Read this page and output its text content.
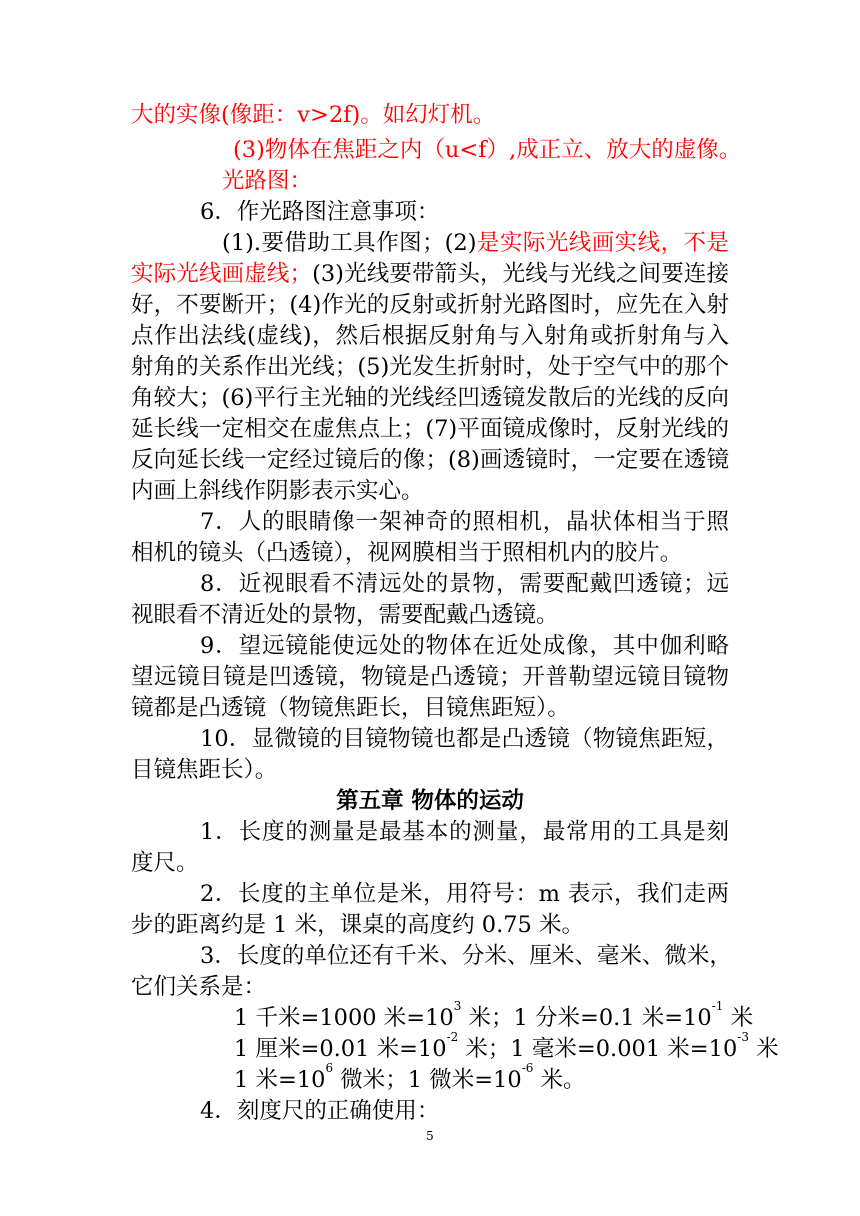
大的实像(像距：v>2f)。如幻灯机。
(3)物体在焦距之内（u<f）,成正立、放大的虚像。
光路图：
6．作光路图注意事项：
(1).要借助工具作图；(2)是实际光线画实线，不是
实际光线画虚线；(3)光线要带箭头，光线与光线之间要连接
好，不要断开；(4)作光的反射或折射光路图时，应先在入射
点作出法线(虚线)，然后根据反射角与入射角或折射角与入
射角的关系作出光线；(5)光发生折射时，处于空气中的那个
角较大；(6)平行主光轴的光线经凹透镜发散后的光线的反向
延长线一定相交在虚焦点上；(7)平面镜成像时，反射光线的
反向延长线一定经过镜后的像；(8)画透镜时，一定要在透镜
内画上斜线作阴影表示实心。
7．人的眼睛像一架神奇的照相机，晶状体相当于照
相机的镜头（凸透镜），视网膜相当于照相机内的胶片。
8．近视眼看不清远处的景物，需要配戴凹透镜；远
视眼看不清近处的景物，需要配戴凸透镜。
9．望远镜能使远处的物体在近处成像，其中伽利略
望远镜目镜是凹透镜，物镜是凸透镜；开普勒望远镜目镜物
镜都是凸透镜（物镜焦距长，目镜焦距短）。
10．显微镜的目镜物镜也都是凸透镜（物镜焦距短，
目镜焦距长）。
第五章 物体的运动
1．长度的测量是最基本的测量，最常用的工具是刻
度尺。
2．长度的主单位是米，用符号：m 表示，我们走两
步的距离约是 1 米，课桌的高度约 0.75 米。
3．长度的单位还有千米、分米、厘米、毫米、微米，
它们关系是：
1 千米=1000 米$=10^3$ 米；1 分米=0.1 米$=10^{-1}$ 米
1 厘米=0.01 米$=10^{-2}$ 米；1 毫米=0.001 米$=10^{-3}$ 米
1 米$=10^6$ 微米；1 微米$=10^{-6}$ 米。
4．刻度尺的正确使用：
5
